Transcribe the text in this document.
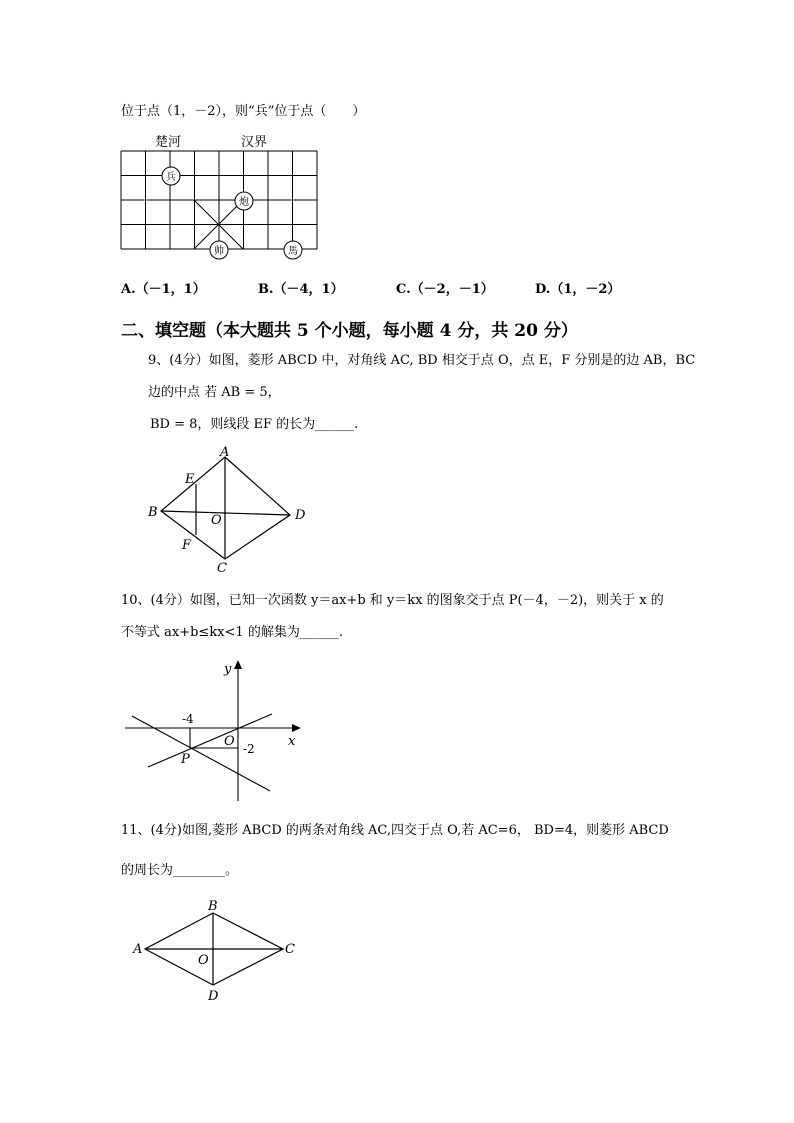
位于点（1，－2），则“兵”位于点（　　）
楚河	汉界
兵
炮
帅	馬
A.（－1，1）	B.（－4，1）	C.（－2，－1）	D.（1，－2）
二、填空题（本大题共 5 个小题，每小题 4 分，共 20 分）
9、(4分）如图，菱形 ABCD 中，对角线 AC, BD 相交于点 O，点 E，F 分别是的边 AB，BC
边的中点 若 AB = 5，
BD = 8，则线段 EF 的长为______.
A
B
C
D
E
F
O
10、(4分）如图，已知一次函数 y＝ax+b 和 y＝kx 的图象交于点 P(－4，－2)，则关于 x 的
不等式 ax+b≤kx<1 的解集为______.
y
x
O
P
-4
-2
11、(4分)如图,菱形 ABCD 的两条对角线 AC,四交于点 O,若 AC=6， BD=4，则菱形 ABCD
的周长为________。
B
A	C
D
O
